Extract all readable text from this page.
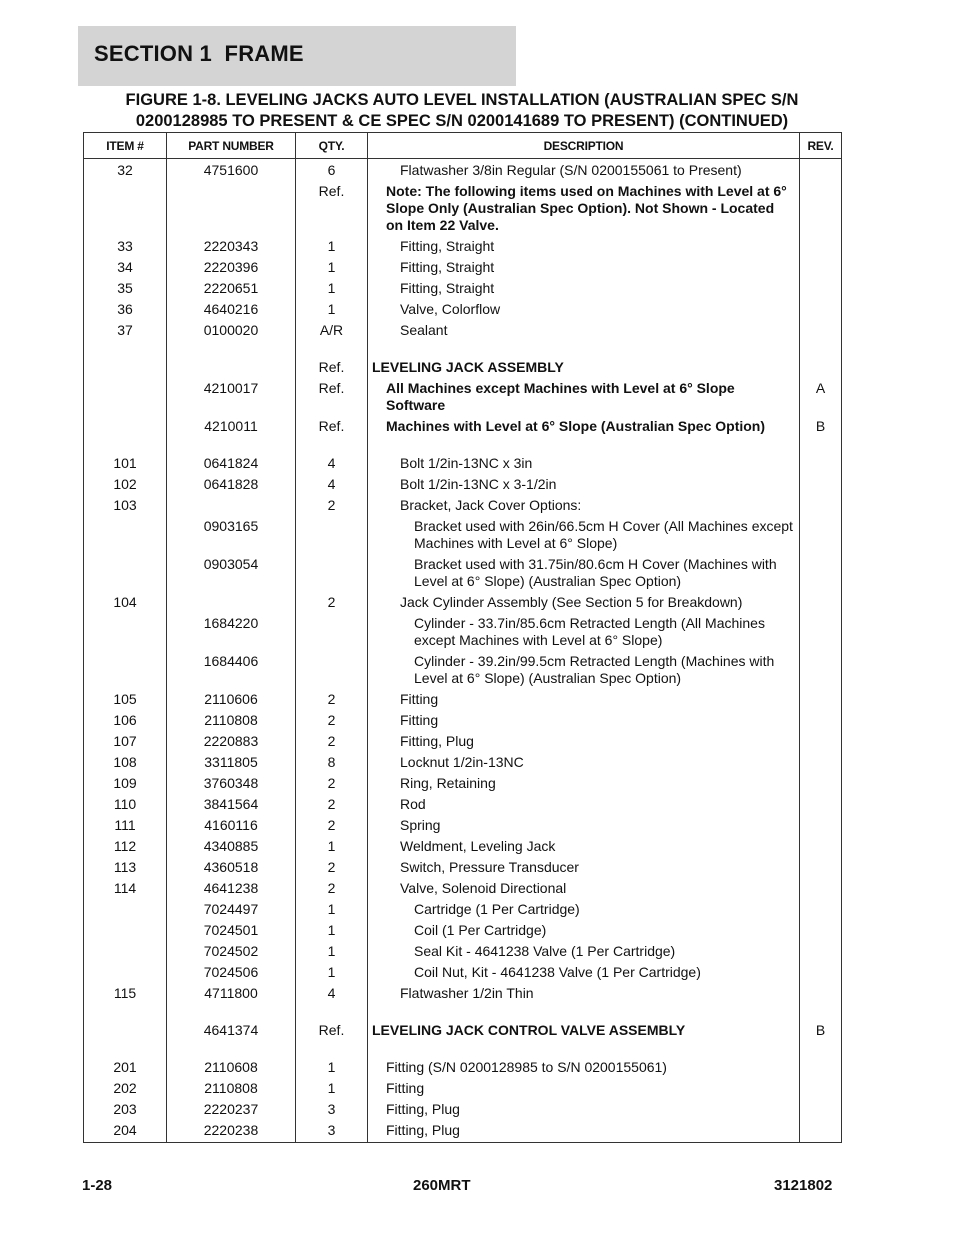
SECTION 1  FRAME
FIGURE 1-8. LEVELING JACKS AUTO LEVEL INSTALLATION (AUSTRALIAN SPEC S/N
0200128985 TO PRESENT & CE SPEC S/N 0200141689 TO PRESENT) (CONTINUED)
ITEM #	PART NUMBER	QTY.	DESCRIPTION	REV.
32	4751600	6	Flatwasher 3/8in Regular (S/N 0200155061 to Present)	
		Ref.	Note: The following items used on Machines with Level at 6° Slope Only (Australian Spec Option). Not Shown - Located on Item 22 Valve.	
33	2220343	1	Fitting, Straight	
34	2220396	1	Fitting, Straight	
35	2220651	1	Fitting, Straight	
36	4640216	1	Valve, Colorflow	
37	0100020	A/R	Sealant	

		Ref.	LEVELING JACK ASSEMBLY	
	4210017	Ref.	All Machines except Machines with Level at 6° Slope Software	A
	4210011	Ref.	Machines with Level at 6° Slope (Australian Spec Option)	B

101	0641824	4	Bolt 1/2in-13NC x 3in	
102	0641828	4	Bolt 1/2in-13NC x 3-1/2in	
103		2	Bracket, Jack Cover Options:	
	0903165		Bracket used with 26in/66.5cm H Cover (All Machines except Machines with Level at 6° Slope)	
	0903054		Bracket used with 31.75in/80.6cm H Cover (Machines with Level at 6° Slope) (Australian Spec Option)	
104		2	Jack Cylinder Assembly (See Section 5 for Breakdown)	
	1684220		Cylinder - 33.7in/85.6cm Retracted Length (All Machines except Machines with Level at 6° Slope)	
	1684406		Cylinder - 39.2in/99.5cm Retracted Length (Machines with Level at 6° Slope) (Australian Spec Option)	
105	2110606	2	Fitting	
106	2110808	2	Fitting	
107	2220883	2	Fitting, Plug	
108	3311805	8	Locknut 1/2in-13NC	
109	3760348	2	Ring, Retaining	
110	3841564	2	Rod	
111	4160116	2	Spring	
112	4340885	1	Weldment, Leveling Jack	
113	4360518	2	Switch, Pressure Transducer	
114	4641238	2	Valve, Solenoid Directional	
	7024497	1	Cartridge (1 Per Cartridge)	
	7024501	1	Coil (1 Per Cartridge)	
	7024502	1	Seal Kit - 4641238 Valve (1 Per Cartridge)	
	7024506	1	Coil Nut, Kit - 4641238 Valve (1 Per Cartridge)	
115	4711800	4	Flatwasher 1/2in Thin	

	4641374	Ref.	LEVELING JACK CONTROL VALVE ASSEMBLY	B

201	2110608	1	Fitting (S/N 0200128985 to S/N 0200155061)	
202	2110808	1	Fitting	
203	2220237	3	Fitting, Plug	
204	2220238	3	Fitting, Plug	
1-28	260MRT	3121802
